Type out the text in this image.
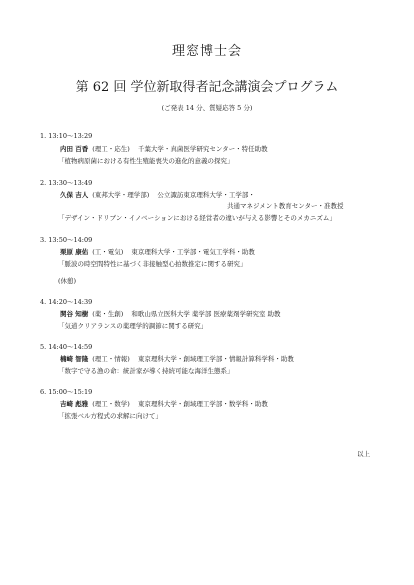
理窓博士会
第 62 回 学位新取得者記念講演会プログラム
(ご発表 14 分、質疑応答 5 分)
1. 13:10～13:29
内田 百香 (理工・応生) 千葉大学・真菌医学研究センター・特任助教
「植物病原菌における有性生殖能喪失の進化的意義の探究」
2. 13:30～13:49
久保 吉人 (東邦大学・理学部) 公立諏訪東京理科大学・工学部・
共通マネジメント教育センター・准教授
「デザイン・ドリブン・イノベーションにおける経営者の違いが与える影響とそのメカニズム」
3. 13:50～14:09
栗原 康佑 (工・電気) 東京理科大学・工学部・電気工学科・助教
「脈波の時空間特性に基づく非接触型心拍数推定に関する研究」
(休憩)
4. 14:20～14:39
関谷 知樹 (薬・生創) 和歌山県立医科大学 薬学部 医療薬剤学研究室 助教
「気道クリアランスの薬理学的調節に関する研究」
5. 14:40～14:59
楠崎 智隆 (理工・情報) 東京理科大学・創域理工学部・情報計算科学科・助教
「数字で守る漁の命：統計家が導く持続可能な海洋生態系」
6. 15:00～15:19
吉崎 彪雅 (理工・数学) 東京理科大学・創域理工学部・数学科・助教
「拡張ベル方程式の求解に向けて」
以上
